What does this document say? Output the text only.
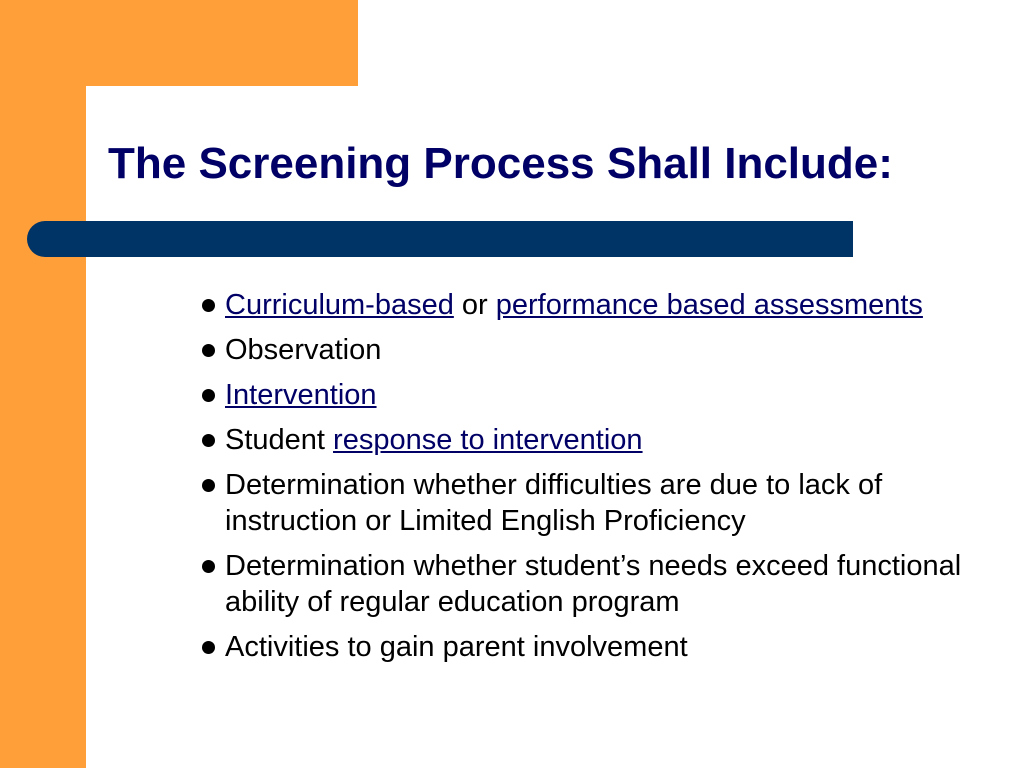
The Screening Process Shall Include:
Curriculum-based or performance based assessments
Observation
Intervention
Student response to intervention
Determination whether difficulties are due to lack of instruction or Limited English Proficiency
Determination whether student’s needs exceed functional ability of regular education program
Activities to gain parent involvement
